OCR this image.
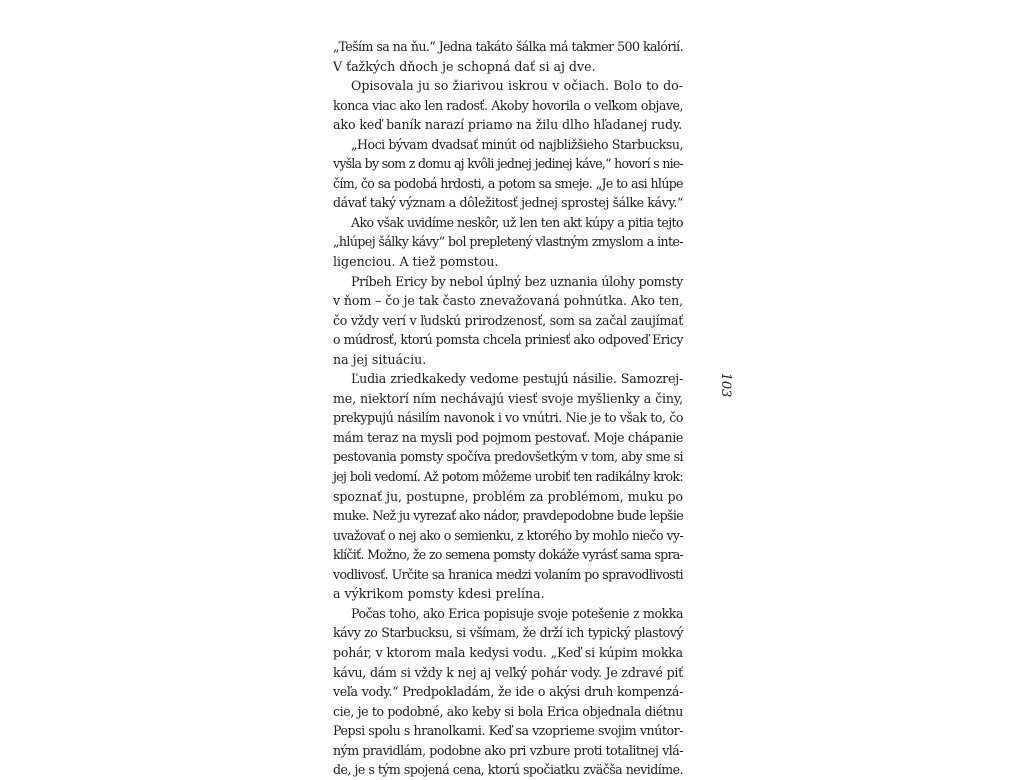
„Teším sa na ňu.“ Jedna takáto šálka má takmer 500 kalórií.
V ťažkých dňoch je schopná dať si aj dve.
Opisovala ju so žiarivou iskrou v očiach. Bolo to do-
konca viac ako len radosť. Akoby hovorila o veľkom objave,
ako keď baník narazí priamo na žilu dlho hľadanej rudy.
„Hoci bývam dvadsať minút od najbližšieho Starbucksu,
vyšla by som z domu aj kvôli jednej jedinej káve,“ hovorí s nie-
čím, čo sa podobá hrdosti, a potom sa smeje. „Je to asi hlúpe
dávať taký význam a dôležitosť jednej sprostej šálke kávy.“
Ako však uvidíme neskôr, už len ten akt kúpy a pitia tejto
„hlúpej šálky kávy“ bol prepletený vlastným zmyslom a inte-
ligenciou. A tiež pomstou.
Príbeh Ericy by nebol úplný bez uznania úlohy pomsty
v ňom – čo je tak často znevažovaná pohnútka. Ako ten,
čo vždy verí v ľudskú prirodzenosť, som sa začal zaujímať
o múdrosť, ktorú pomsta chcela priniesť ako odpoveď Ericy
na jej situáciu.
Ľudia zriedkakedy vedome pestujú násilie. Samozrej-
me, niektorí ním nechávajú viesť svoje myšlienky a činy,
prekypujú násilím navonok i vo vnútri. Nie je to však to, čo
mám teraz na mysli pod pojmom pestovať. Moje chápanie
pestovania pomsty spočíva predovšetkým v tom, aby sme si
jej boli vedomí. Až potom môžeme urobiť ten radikálny krok:
spoznať ju, postupne, problém za problémom, muku po
muke. Než ju vyrezať ako nádor, pravdepodobne bude lepšie
uvažovať o nej ako o semienku, z ktorého by mohlo niečo vy-
klíčiť. Možno, že zo semena pomsty dokáže vyrásť sama spra-
vodlivosť. Určite sa hranica medzi volaním po spravodlivosti
a výkrikom pomsty kdesi prelína.
Počas toho, ako Erica popisuje svoje potešenie z mokka
kávy zo Starbucksu, si všímam, že drží ich typický plastový
pohár, v ktorom mala kedysi vodu. „Keď si kúpim mokka
kávu, dám si vždy k nej aj veľký pohár vody. Je zdravé piť
veľa vody.“ Predpokladám, že ide o akýsi druh kompenzá-
cie, je to podobné, ako keby si bola Erica objednala diétnu
Pepsi spolu s hranolkami. Keď sa vzoprieme svojim vnútor-
ným pravidlám, podobne ako pri vzbure proti totalitnej vlá-
de, je s tým spojená cena, ktorú spočiatku zväčša nevidíme.
103
